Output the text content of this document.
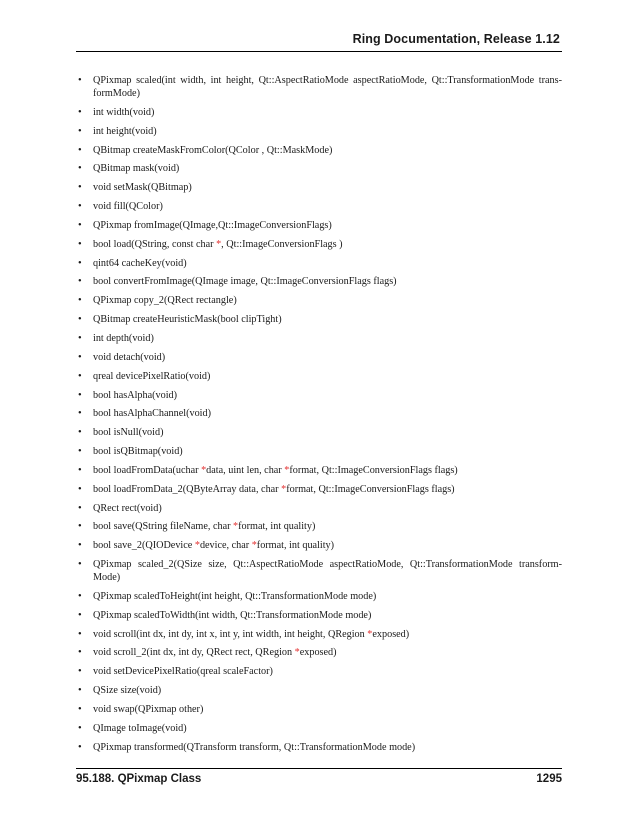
Ring Documentation, Release 1.12
• QPixmap scaled(int width, int height, Qt::AspectRatioMode aspectRatioMode, Qt::TransformationMode trans-formMode)
• int width(void)
• int height(void)
• QBitmap createMaskFromColor(QColor , Qt::MaskMode)
• QBitmap mask(void)
• void setMask(QBitmap)
• void fill(QColor)
• QPixmap fromImage(QImage,Qt::ImageConversionFlags)
• bool load(QString, const char *, Qt::ImageConversionFlags )
• qint64 cacheKey(void)
• bool convertFromImage(QImage image, Qt::ImageConversionFlags flags)
• QPixmap copy_2(QRect rectangle)
• QBitmap createHeuristicMask(bool clipTight)
• int depth(void)
• void detach(void)
• qreal devicePixelRatio(void)
• bool hasAlpha(void)
• bool hasAlphaChannel(void)
• bool isNull(void)
• bool isQBitmap(void)
• bool loadFromData(uchar *data, uint len, char *format, Qt::ImageConversionFlags flags)
• bool loadFromData_2(QByteArray data, char *format, Qt::ImageConversionFlags flags)
• QRect rect(void)
• bool save(QString fileName, char *format, int quality)
• bool save_2(QIODevice *device, char *format, int quality)
• QPixmap scaled_2(QSize size, Qt::AspectRatioMode aspectRatioMode, Qt::TransformationMode transform-Mode)
• QPixmap scaledToHeight(int height, Qt::TransformationMode mode)
• QPixmap scaledToWidth(int width, Qt::TransformationMode mode)
• void scroll(int dx, int dy, int x, int y, int width, int height, QRegion *exposed)
• void scroll_2(int dx, int dy, QRect rect, QRegion *exposed)
• void setDevicePixelRatio(qreal scaleFactor)
• QSize size(void)
• void swap(QPixmap other)
• QImage toImage(void)
• QPixmap transformed(QTransform transform, Qt::TransformationMode mode)
95.188. QPixmap Class	1295
